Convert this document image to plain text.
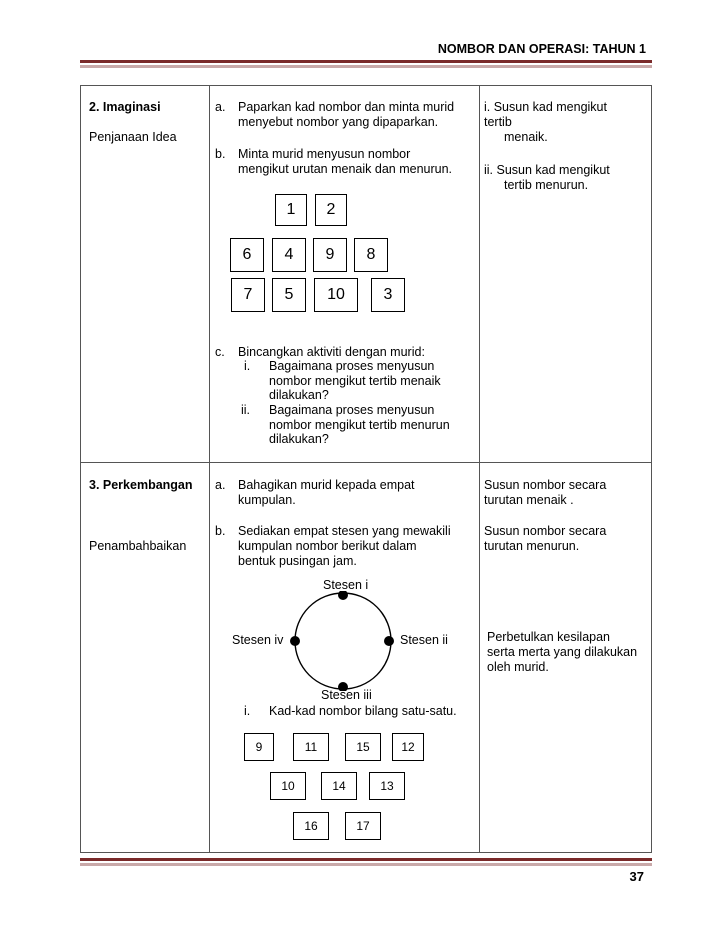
NOMBOR DAN OPERASI: TAHUN 1
2. Imaginasi
Penjanaan Idea
a. Paparkan kad nombor dan minta murid
menyebut nombor yang dipaparkan.
b. Minta murid menyusun nombor
mengikut urutan menaik dan menurun.
1	2
6	4	9	8
7	5	10	3
c. Bincangkan aktiviti dengan murid:
i. Bagaimana proses menyusun
nombor mengikut tertib menaik
dilakukan?
ii. Bagaimana proses menyusun
nombor mengikut tertib menurun
dilakukan?
i. Susun kad mengikut
tertib
menaik.
ii. Susun kad mengikut
tertib menurun.
3. Perkembangan
Penambahbaikan
a. Bahagikan murid kepada empat
kumpulan.
b. Sediakan empat stesen yang mewakili
kumpulan nombor berikut dalam
bentuk pusingan jam.
Stesen i
Stesen ii
Stesen iv
Stesen iii
i. Kad-kad nombor bilang satu-satu.
9	11	15	12
10	14	13
16	17
Susun nombor secara
turutan menaik .
Susun nombor secara
turutan menurun.
Perbetulkan kesilapan
serta merta yang dilakukan
oleh murid.
37
